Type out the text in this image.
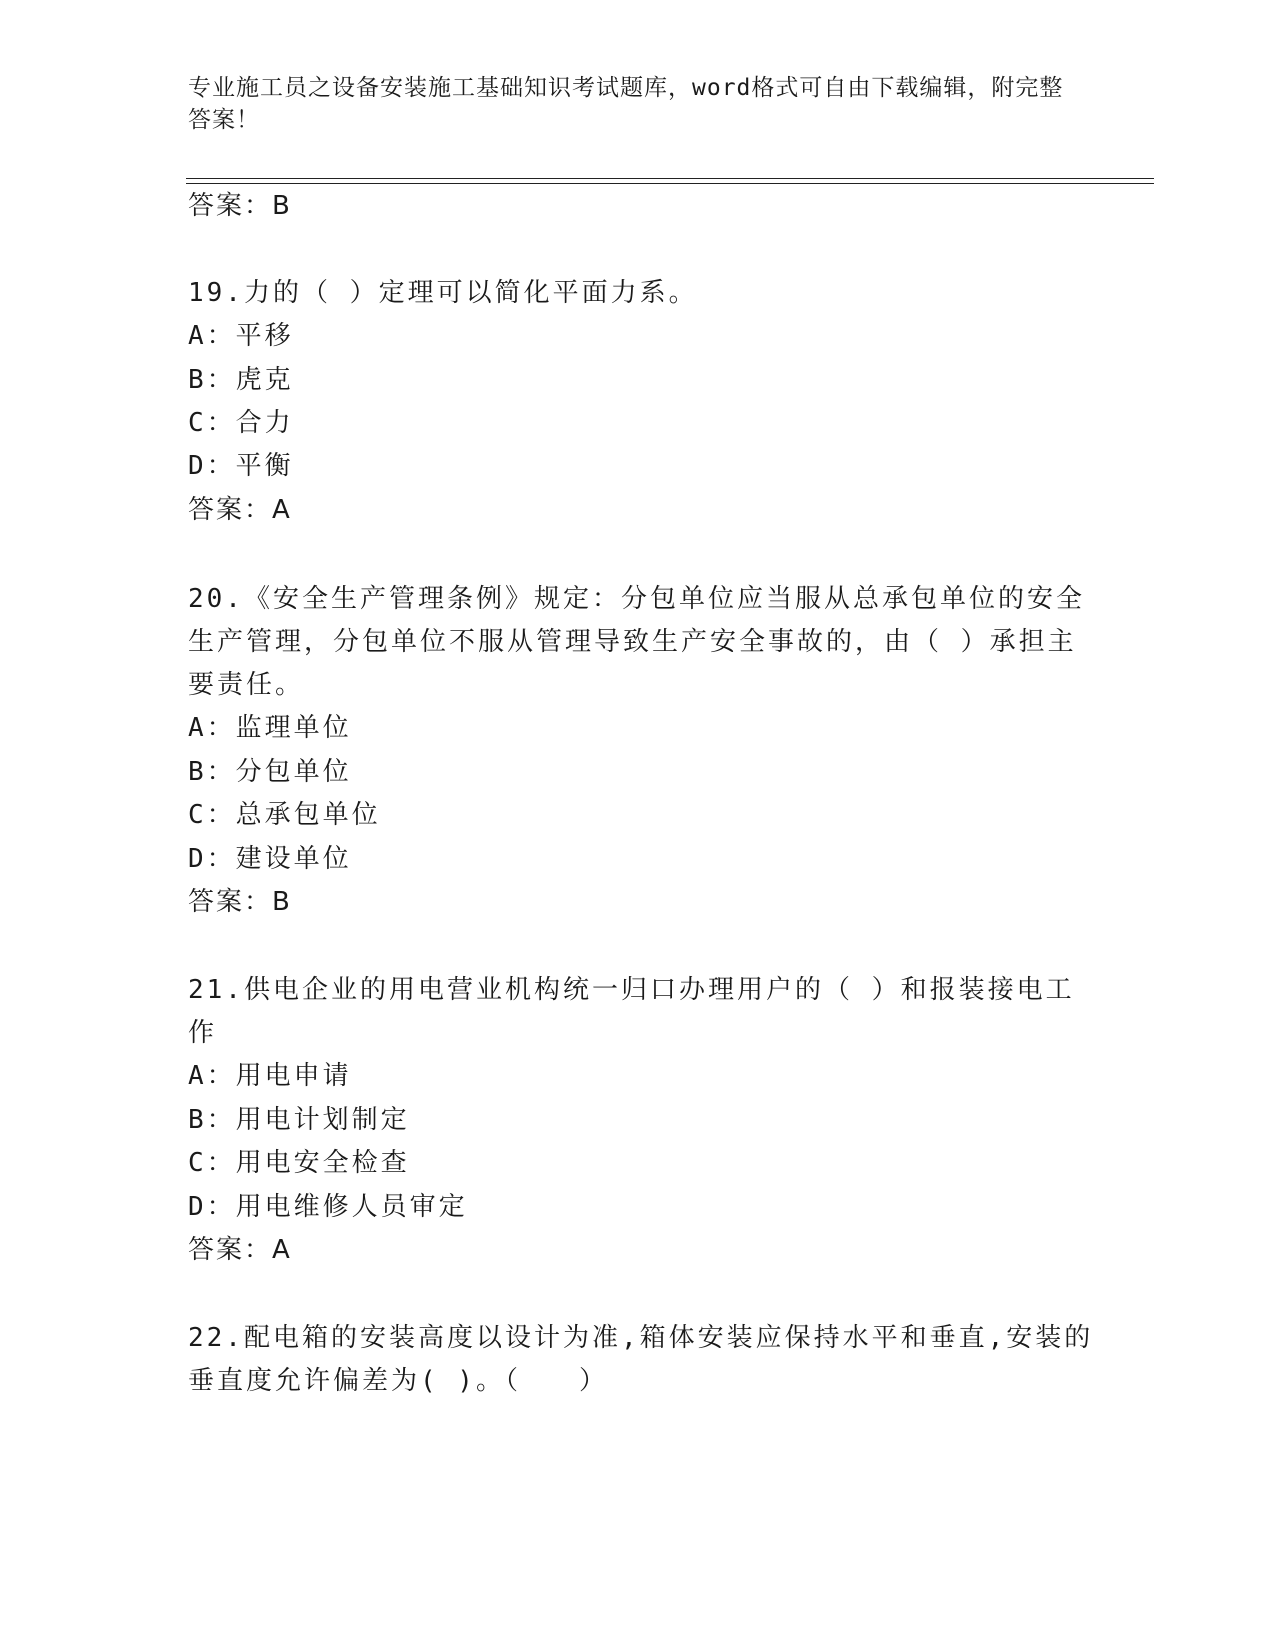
专业施工员之设备安装施工基础知识考试题库，word格式可自由下载编辑，附完整答案！
答案：B
19.力的（ ）定理可以简化平面力系。
A：平移
B：虎克
C：合力
D：平衡
答案：A
20.《安全生产管理条例》规定：分包单位应当服从总承包单位的安全
生产管理，分包单位不服从管理导致生产安全事故的，由（ ）承担主
要责任。
A：监理单位
B：分包单位
C：总承包单位
D：建设单位
答案：B
21.供电企业的用电营业机构统一归口办理用户的（ ）和报装接电工
作
A：用电申请
B：用电计划制定
C：用电安全检查
D：用电维修人员审定
答案：A
22.配电箱的安装高度以设计为准,箱体安装应保持水平和垂直,安装的
垂直度允许偏差为( )。（　　）
